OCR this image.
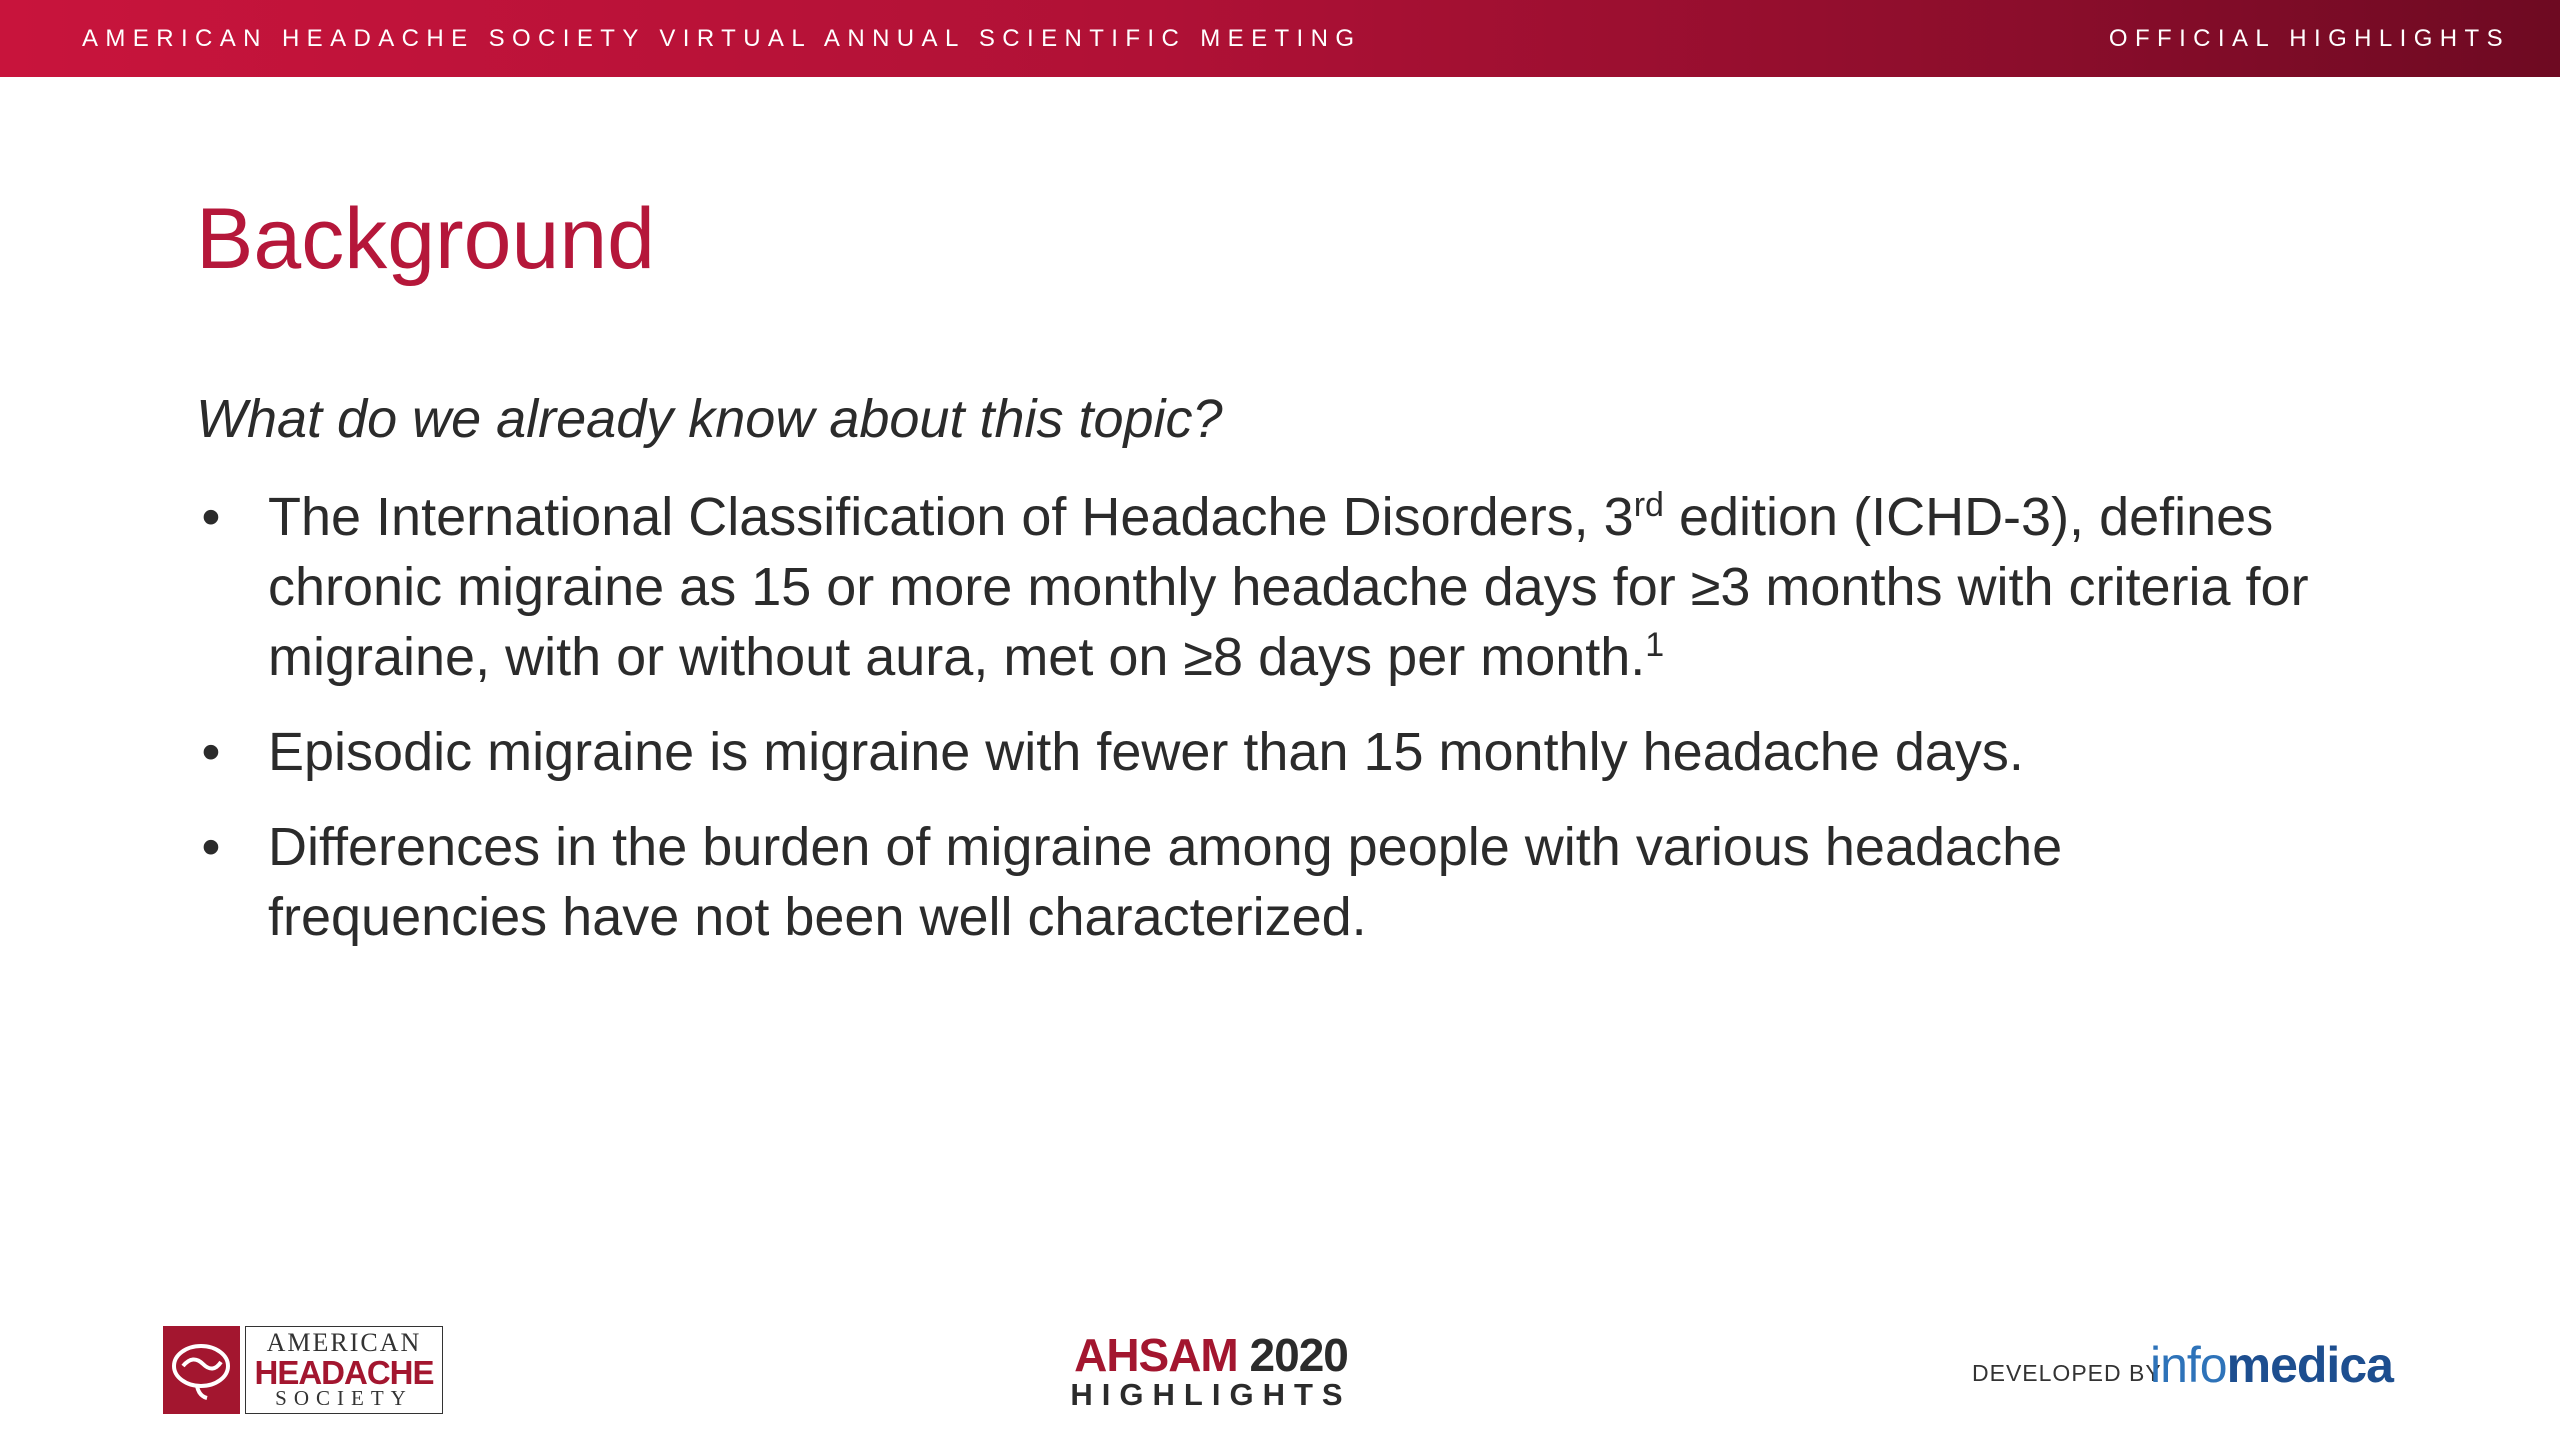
AMERICAN HEADACHE SOCIETY VIRTUAL ANNUAL SCIENTIFIC MEETING	OFFICIAL HIGHLIGHTS
Background

What do we already know about this topic?

• The International Classification of Headache Disorders, 3rd edition (ICHD-3), defines chronic migraine as 15 or more monthly headache days for ≥3 months with criteria for migraine, with or without aura, met on ≥8 days per month.$^1$
• Episodic migraine is migraine with fewer than 15 monthly headache days.
• Differences in the burden of migraine among people with various headache frequencies have not been well characterized.
AMERICAN
HEADACHE
SOCIETY
AHSAM 2020
HIGHLIGHTS
DEVELOPED BY
infomedica
